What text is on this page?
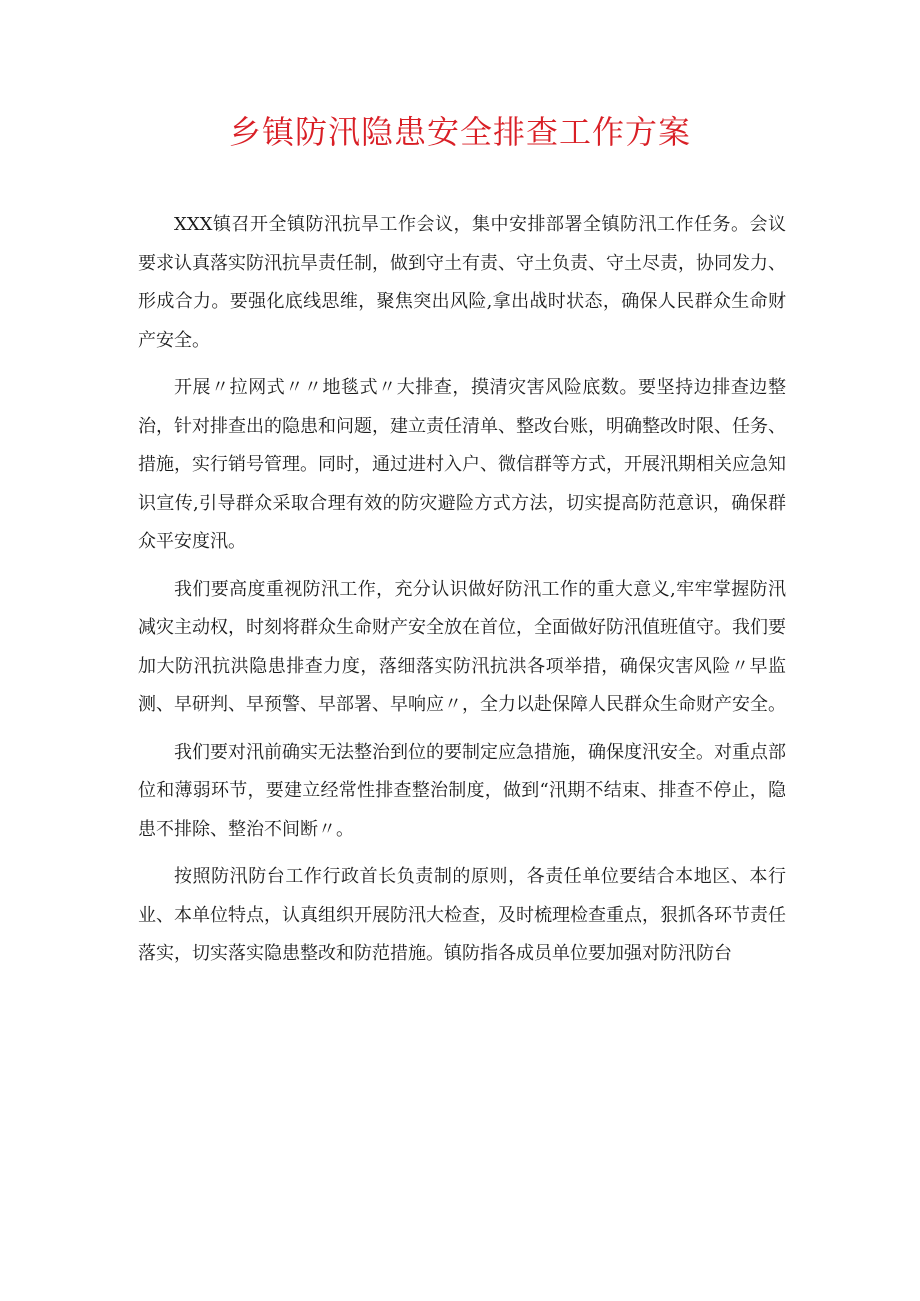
乡镇防汛隐患安全排查工作方案

XXX镇召开全镇防汛抗旱工作会议，集中安排部署全镇防汛工作任务。会议要求认真落实防汛抗旱责任制，做到守土有责、守土负责、守土尽责，协同发力、形成合力。要强化底线思维，聚焦突出风险,拿出战时状态，确保人民群众生命财产安全。

开展〃拉网式〃〃地毯式〃大排查，摸清灾害风险底数。要坚持边排查边整治，针对排查出的隐患和问题，建立责任清单、整改台账，明确整改时限、任务、措施，实行销号管理。同时，通过进村入户、微信群等方式，开展汛期相关应急知识宣传,引导群众采取合理有效的防灾避险方式方法，切实提高防范意识，确保群众平安度汛。

我们要高度重视防汛工作，充分认识做好防汛工作的重大意义,牢牢掌握防汛减灾主动权，时刻将群众生命财产安全放在首位，全面做好防汛值班值守。我们要加大防汛抗洪隐患排查力度，落细落实防汛抗洪各项举措，确保灾害风险〃早监测、早研判、早预警、早部署、早响应〃，全力以赴保障人民群众生命财产安全。

我们要对汛前确实无法整治到位的要制定应急措施，确保度汛安全。对重点部位和薄弱环节，要建立经常性排查整治制度，做到“汛期不结束、排查不停止，隐患不排除、整治不间断〃。

按照防汛防台工作行政首长负责制的原则，各责任单位要结合本地区、本行业、本单位特点，认真组织开展防汛大检查，及时梳理检查重点，狠抓各环节责任落实，切实落实隐患整改和防范措施。镇防指各成员单位要加强对防汛防台
